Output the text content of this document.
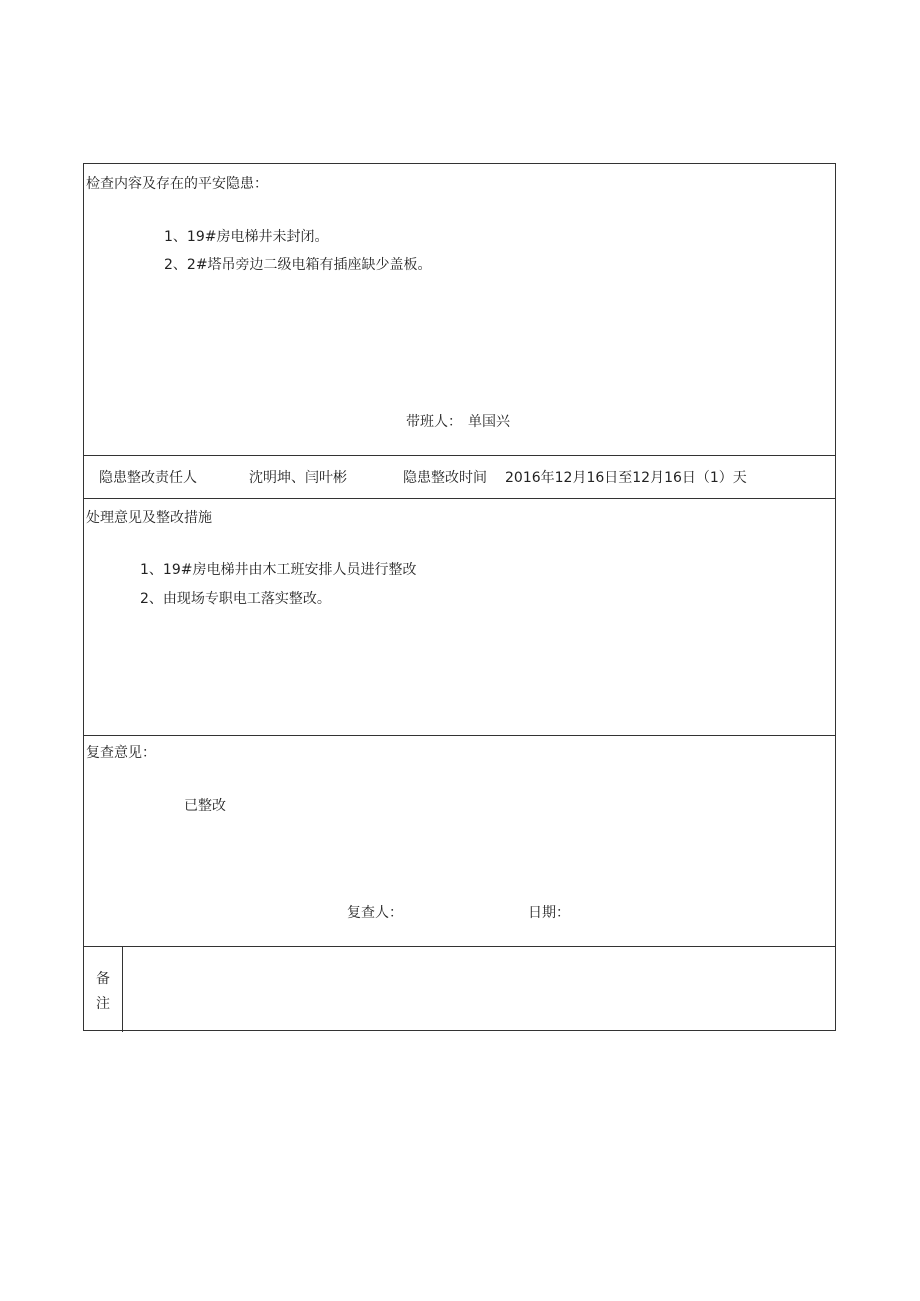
检查内容及存在的平安隐患：
1、19#房电梯井未封闭。
2、2#塔吊旁边二级电箱有插座缺少盖板。
带班人： 单国兴
隐患整改责任人	沈明坤、闫叶彬	隐患整改时间 2016年12月16日至12月16日（1）天
处理意见及整改措施
1、19#房电梯井由木工班安排人员进行整改
2、由现场专职电工落实整改。
复查意见：
已整改
复查人：	日期：
备
注
